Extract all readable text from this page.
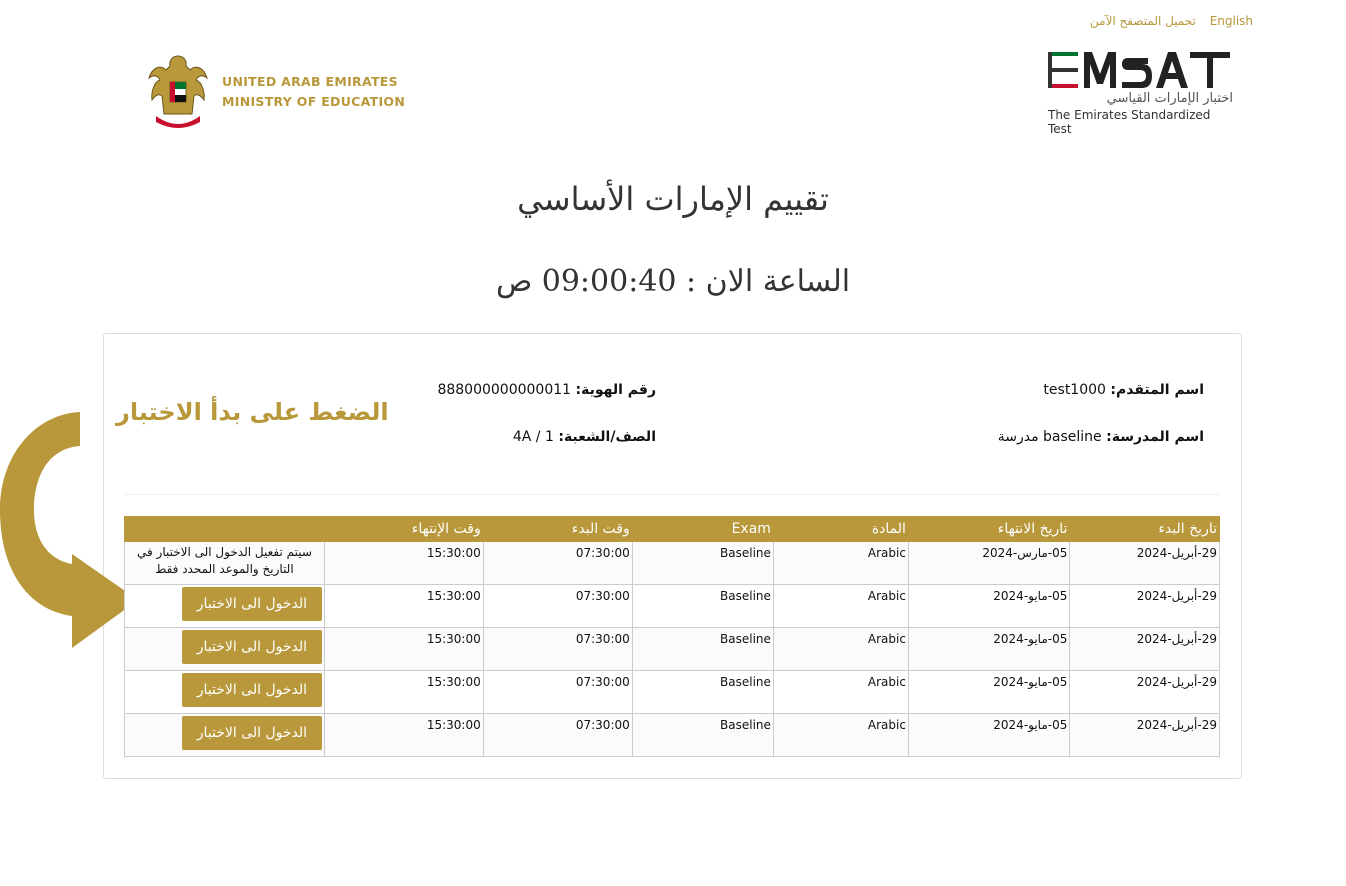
تحميل المتصفح الآمن English
UNITED ARAB EMIRATES
MINISTRY OF EDUCATION	اختبار الإمارات القياسي
The Emirates Standardized Test
تقييم الإمارات الأساسي
الساعة الان : 09:00:40 ص
اسم المتقدم: test1000
رقم الهوية: 888000000000011
اسم المدرسة: baseline مدرسة
الصف/الشعبة: 1 / 4A
الضغط على بدأ الاختبار
تاريخ البدء	تاريخ الانتهاء	المادة	Exam	وقت البدء	وقت الإنتهاء	
29-أبريل-2024	05-مارس-2024	Arabic	Baseline	07:30:00	15:30:00	سيتم تفعيل الدخول الى الاختبار في التاريخ والموعد المحدد فقط
29-أبريل-2024	05-مايو-2024	Arabic	Baseline	07:30:00	15:30:00	الدخول الى الاختبار
29-أبريل-2024	05-مايو-2024	Arabic	Baseline	07:30:00	15:30:00	الدخول الى الاختبار
29-أبريل-2024	05-مايو-2024	Arabic	Baseline	07:30:00	15:30:00	الدخول الى الاختبار
29-أبريل-2024	05-مايو-2024	Arabic	Baseline	07:30:00	15:30:00	الدخول الى الاختبار
